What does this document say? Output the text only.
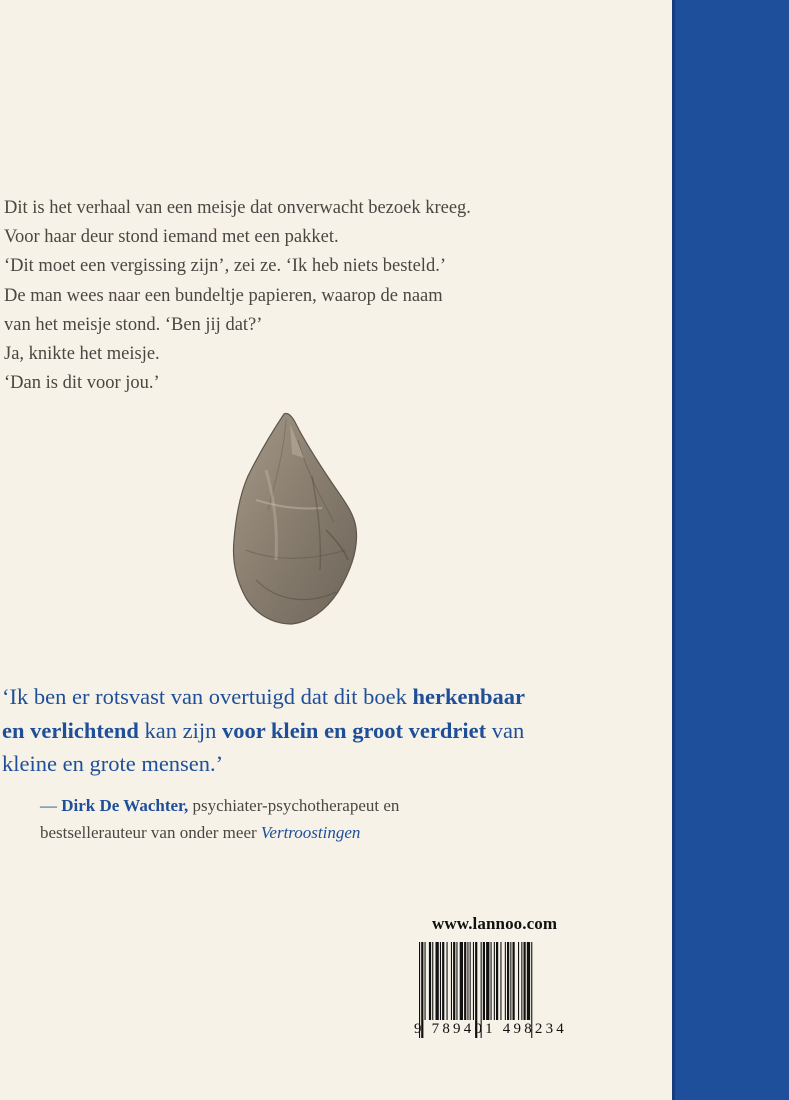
Dit is het verhaal van een meisje dat onverwacht bezoek kreeg.
Voor haar deur stond iemand met een pakket.
‘Dit moet een vergissing zijn’, zei ze. ‘Ik heb niets besteld.’
De man wees naar een bundeltje papieren, waarop de naam
van het meisje stond. ‘Ben jij dat?’
Ja, knikte het meisje.
‘Dan is dit voor jou.’
‘Ik ben er rotsvast van overtuigd dat dit boek herkenbaar
en verlichtend kan zijn voor klein en groot verdriet van
kleine en grote mensen.’
— Dirk De Wachter, psychiater-psychotherapeut en
bestsellerauteur van onder meer Vertroostingen
www.lannoo.com
9 789401 498234
